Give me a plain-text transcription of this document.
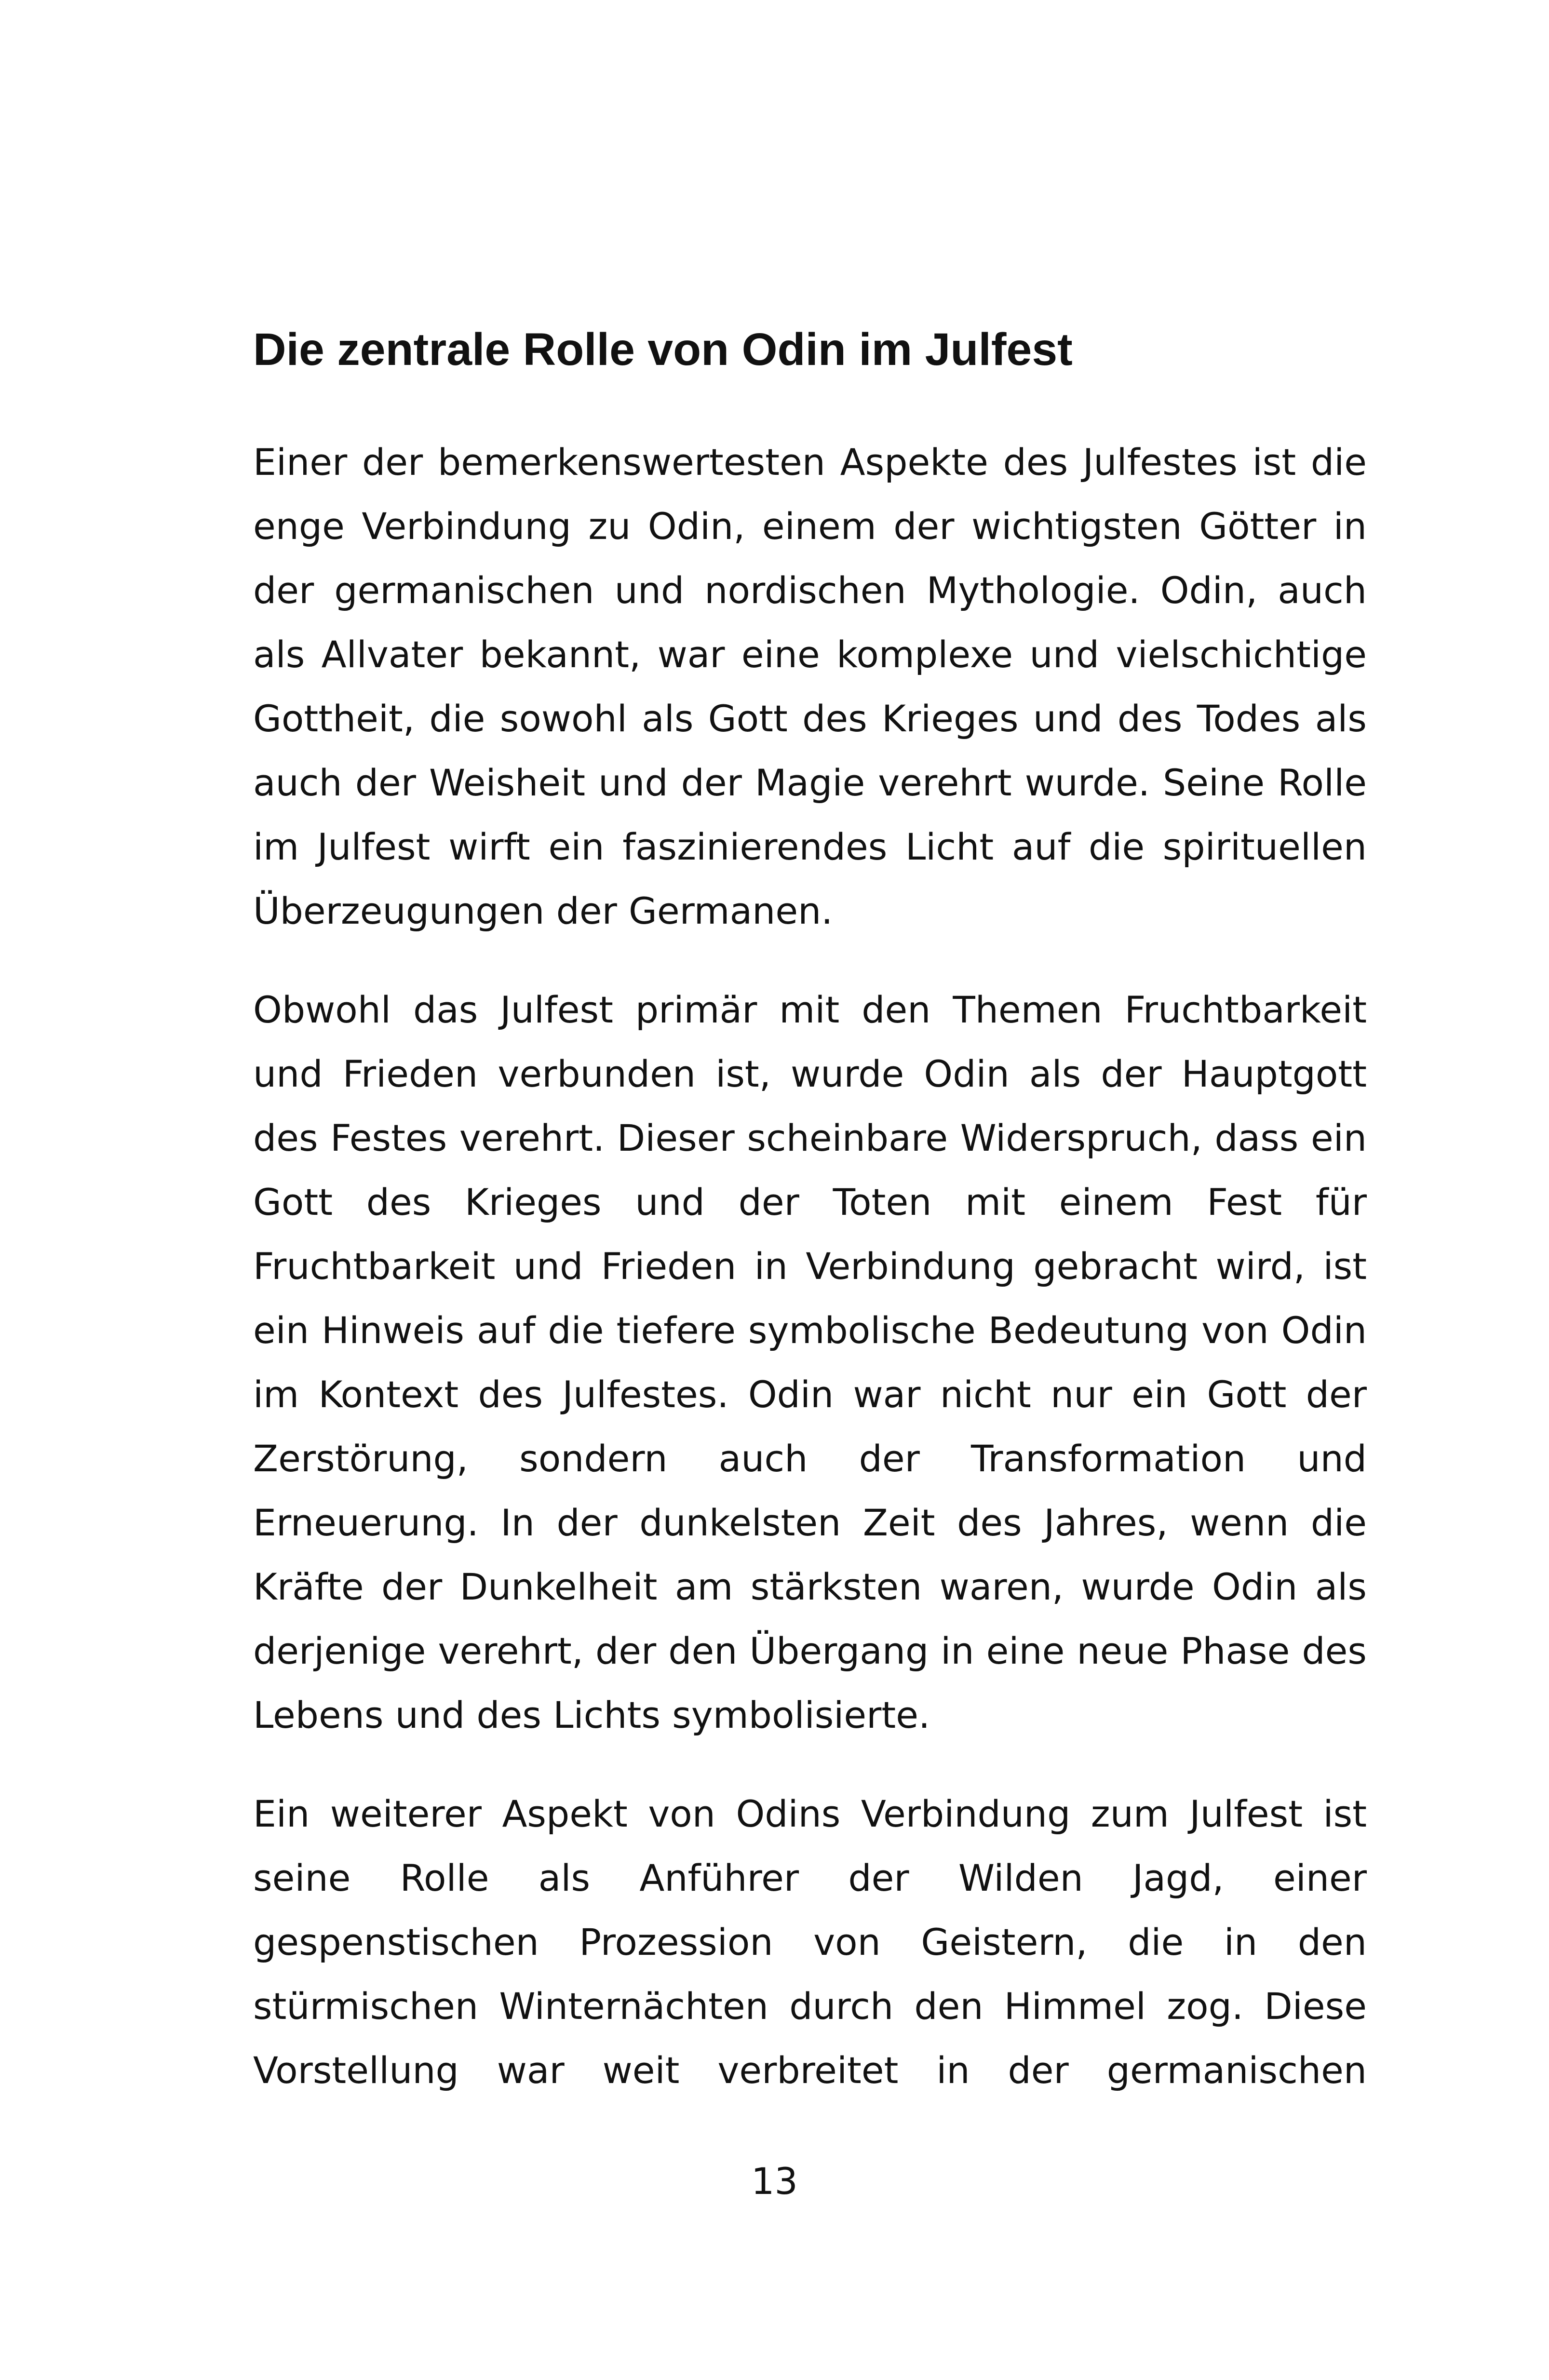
Die zentrale Rolle von Odin im Julfest

Einer der bemerkenswertesten Aspekte des Julfestes ist die enge Verbindung zu Odin, einem der wichtigsten Götter in der germanischen und nordischen Mythologie. Odin, auch als Allvater bekannt, war eine komplexe und vielschichtige Gottheit, die sowohl als Gott des Krieges und des Todes als auch der Weisheit und der Magie verehrt wurde. Seine Rolle im Julfest wirft ein faszinierendes Licht auf die spirituellen Überzeugungen der Germanen.

Obwohl das Julfest primär mit den Themen Fruchtbarkeit und Frieden verbunden ist, wurde Odin als der Hauptgott des Festes verehrt. Dieser scheinbare Widerspruch, dass ein Gott des Krieges und der Toten mit einem Fest für Fruchtbarkeit und Frieden in Verbindung gebracht wird, ist ein Hinweis auf die tiefere symbolische Bedeutung von Odin im Kontext des Julfestes. Odin war nicht nur ein Gott der Zerstörung, sondern auch der Transformation und Erneuerung. In der dunkelsten Zeit des Jahres, wenn die Kräfte der Dunkelheit am stärksten waren, wurde Odin als derjenige verehrt, der den Übergang in eine neue Phase des Lebens und des Lichts symbolisierte.

Ein weiterer Aspekt von Odins Verbindung zum Julfest ist seine Rolle als Anführer der Wilden Jagd, einer gespenstischen Prozession von Geistern, die in den stürmischen Winternächten durch den Himmel zog. Diese Vorstellung war weit verbreitet in der germanischen

13
